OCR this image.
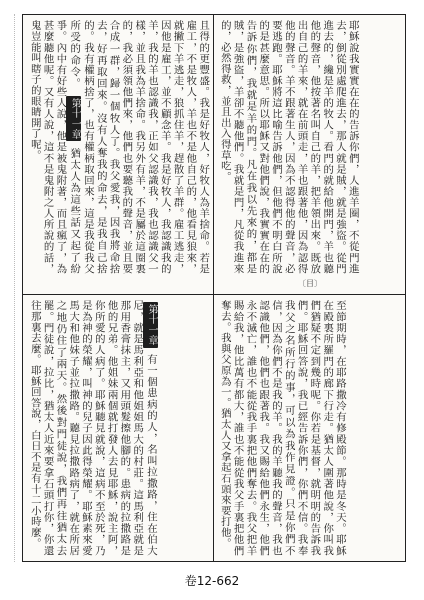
耶穌說我實實在在的告訴你們，人進羊圈，不從門進去，倒從別處爬進去，那人就是賊，就是強盜。從門進去的，纔是羊的牧人。看門的就給他開門，羊也聽他的聲音，他按著名叫自己的羊，把羊領出來。既放出自己的羊來，就在前頭走，羊也跟著他，因為認得他的聲音。羊不跟著生人，因為不認得他的聲音，必要逃跑。耶穌將這比喻告訴他們，但他們不明白所說的是甚麼意思。所以耶穌又對他們說，我實實在在的告訴你們，我就是羊的門。凡在我以先來的，都是賊，是強盜，羊卻不聽他們。我就是門，凡從我進來的，必然得救，並且出入得草吃。
且得的更豐盛。我是好牧人，好牧人為羊捨命。若是雇工，不是牧人，羊也不是他自己的，他看見狼來，就撇下羊逃走，狼抓住羊，趕散了羊群。雇工逃走，因他是雇工，並不顧念羊。我是好牧人，我認識我的羊，我的羊也認識我，正如父認識我，我也認識父一樣，並且我為羊捨命。我另外有羊，不是屬於這圈裏的，我必須領他們來，他們也要聽我的聲音，並且要合成一群，歸一個牧人了。我父愛我，因我將命捨去，好再取回來。沒有人奪我的命去，是我自己捨的。我有權柄捨了，也有權柄取回來，這是我從我父所受的命令。 第十一章 猶太人為這些話又起了紛爭。內中有好些人說，他是被鬼附著，而且瘋了，為甚麼聽他呢。又有人說，這不是鬼附之人所說的話，鬼豈能叫瞎子的眼睛開了呢。
〔目〕
至節期時，在耶路撒冷有修殿節。那時是冬天。耶穌在殿裏所羅門的廊下行走。猶太人圍著他說，你叫我們猶疑不定到幾時呢。你若是基督，就明明的告訴我們。耶穌回答說，我已經告訴你們，你們不信。我奉我父之名所行的事，可以為我作見證。只是你們不信，因為你們不是我的羊。我的羊聽我的聲音，我也認識他們，他們也跟著我。我又賜給他們永生，他們永不滅亡，誰也不能從我手裏把他們奪去。我父把羊賜給我，他比萬有都大，誰也不能從我父手裏把他們奪去。我與父原為一。猶太人又拿起石頭來要打他。
第十一章 有一個患病的人，名叫拉撒路，住在伯大尼，就是馬利亞和他姐姐馬大的村莊。這馬利亞就是那用香膏抹主，又用頭髮擦他腳的。患病的拉撒路是他的兄弟。他姐妹兩個就打發人去見耶穌，說主阿，你所愛的人病了。耶穌聽見就說，這病不至於死，乃是為神的榮耀，叫神的兒子因此得榮耀。耶穌素來愛馬大和他妹子並拉撒路。聽見拉撒路病了，就在所居之地仍住了兩天。然後對門徒說，我們再往猶太去罷。門徒說，拉比，猶太人近來要拿石頭打你，你還往那裏去麼。耶穌回答說，白日不是有十二小時麼。
卷12-662
